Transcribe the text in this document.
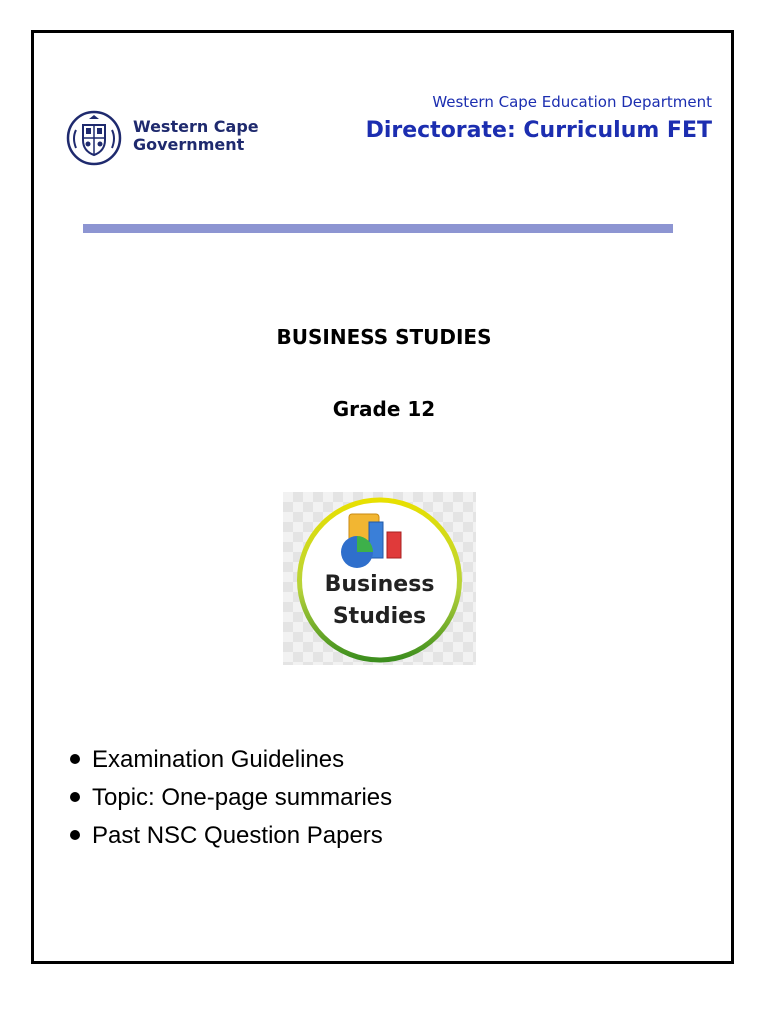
Western Cape
Government
Western Cape Education Department
Directorate: Curriculum FET
BUSINESS STUDIES
Grade 12
Business
Studies
Examination Guidelines
Topic: One-page summaries
Past NSC Question Papers
